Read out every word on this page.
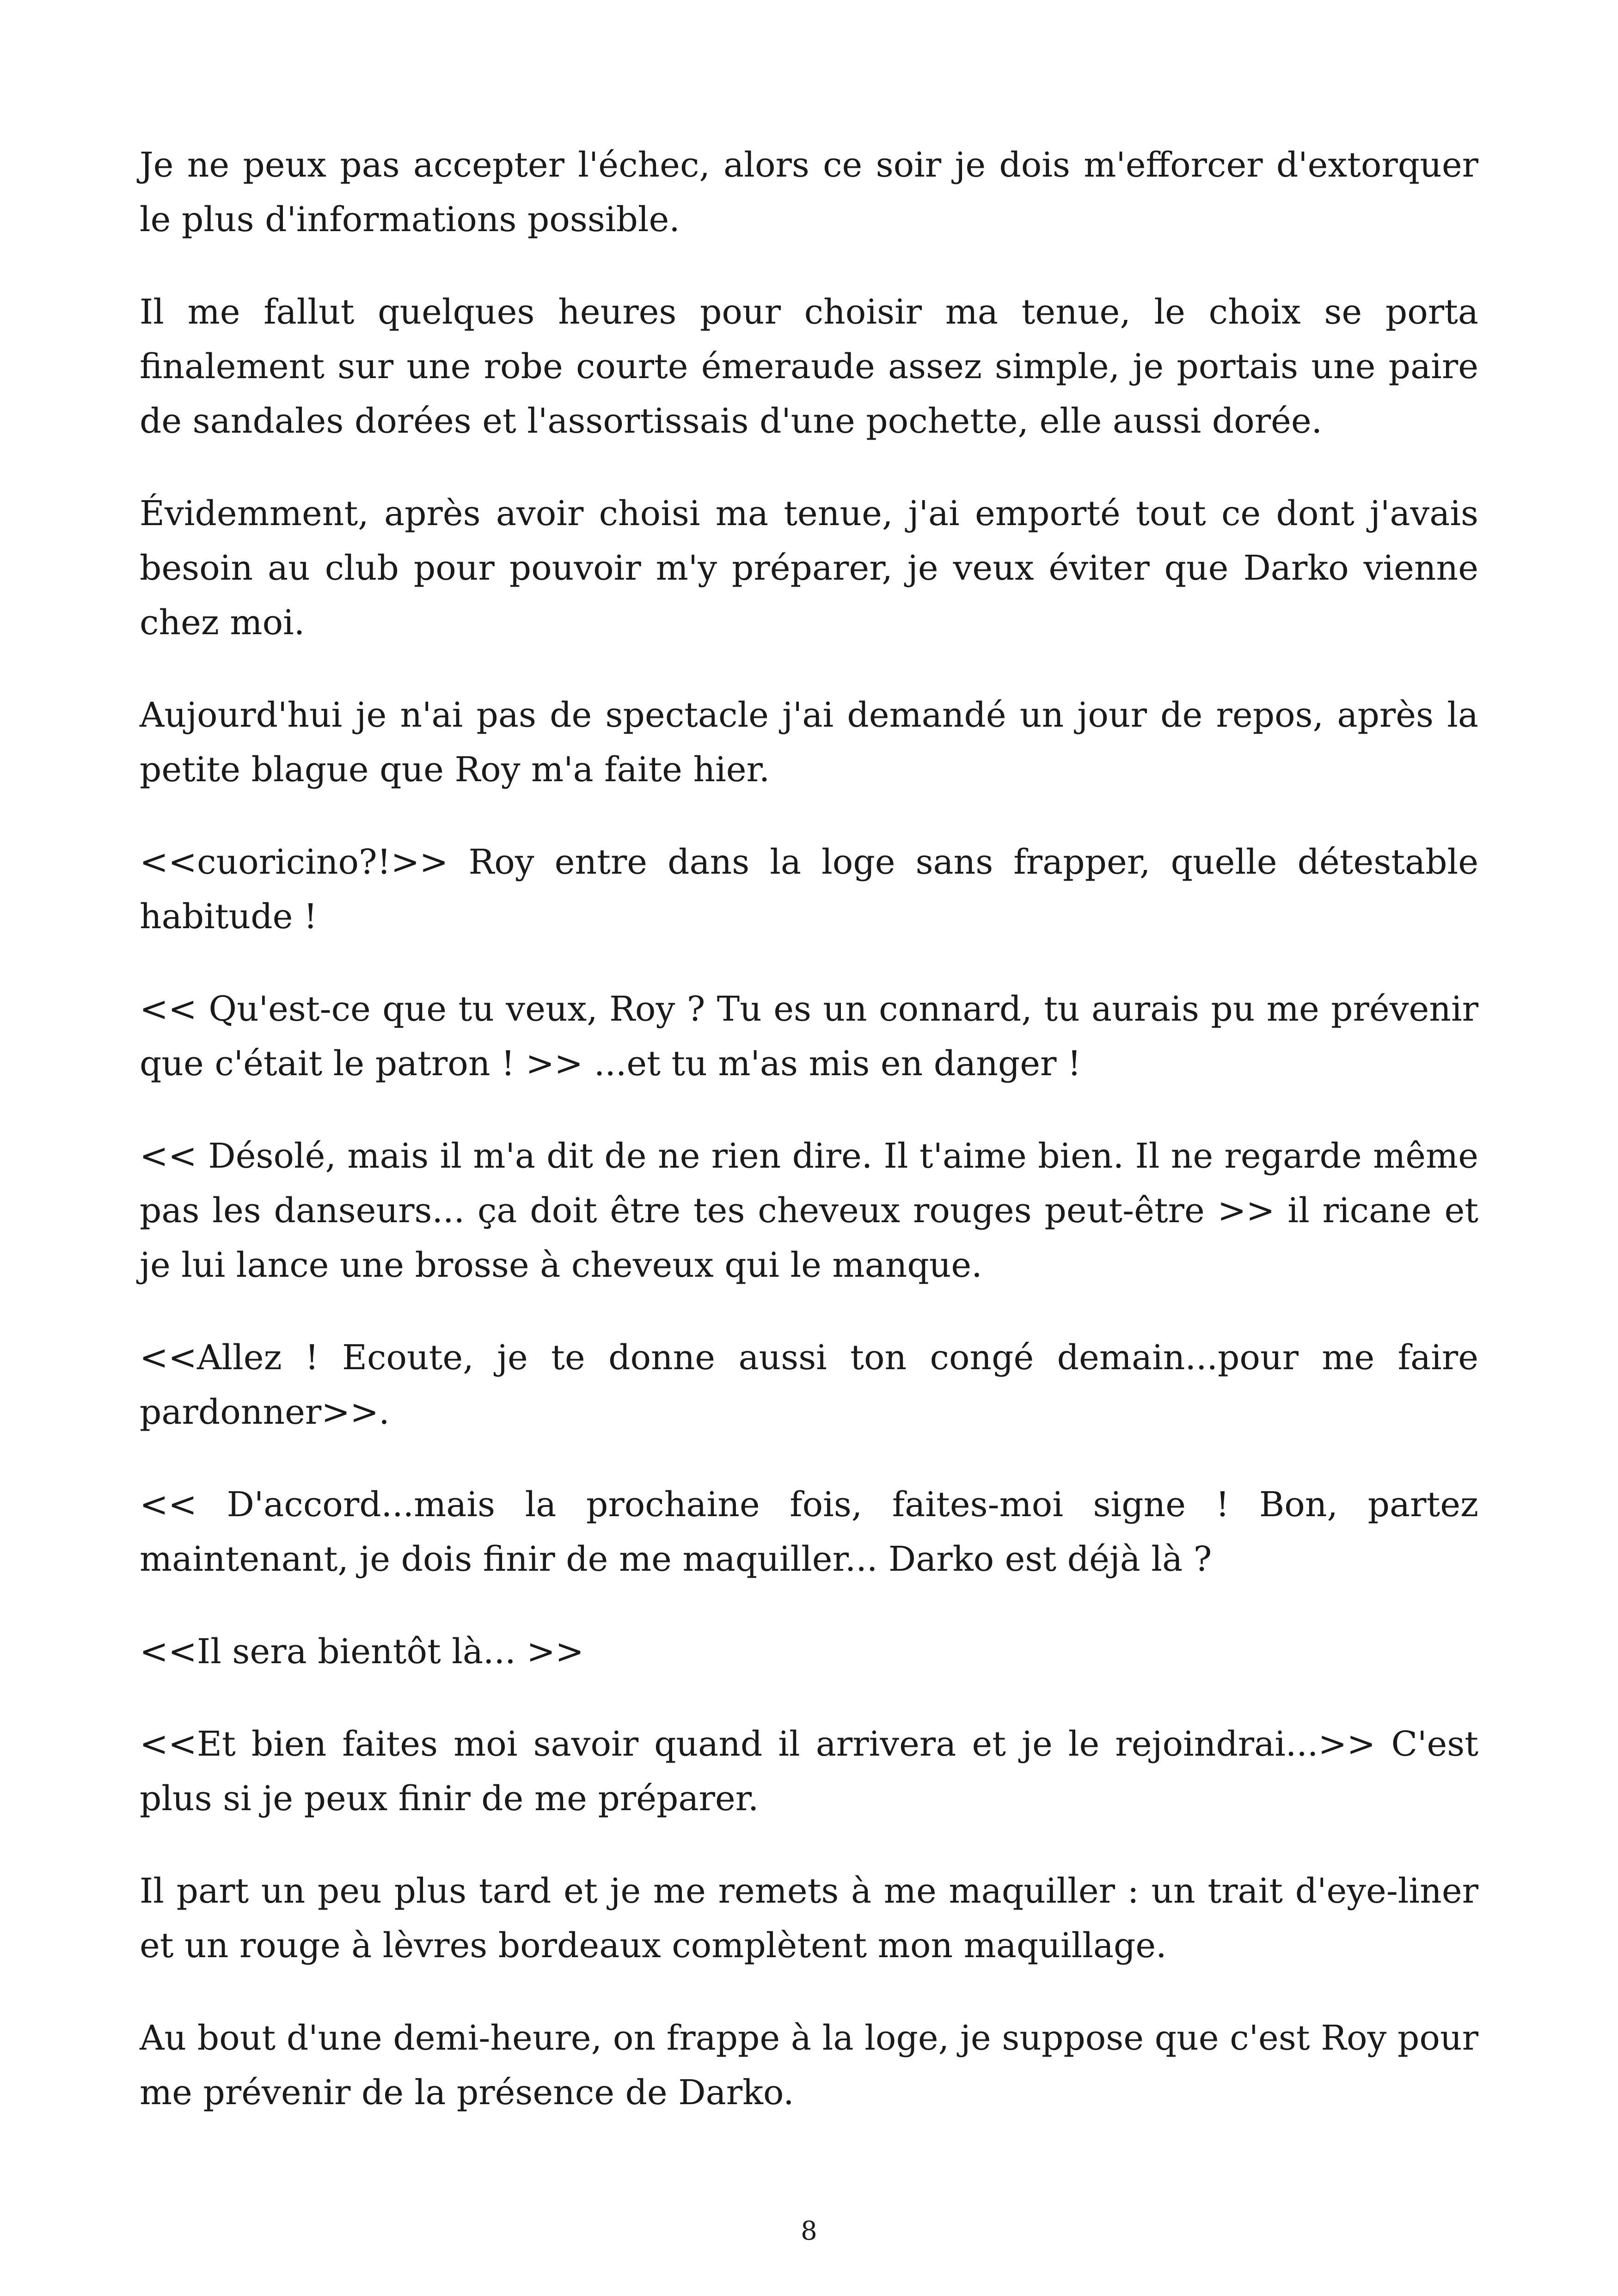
Je ne peux pas accepter l'échec, alors ce soir je dois m'efforcer d'extorquer le plus d'informations possible.

Il me fallut quelques heures pour choisir ma tenue, le choix se porta finalement sur une robe courte émeraude assez simple, je portais une paire de sandales dorées et l'assortissais d'une pochette, elle aussi dorée.

Évidemment, après avoir choisi ma tenue, j'ai emporté tout ce dont j'avais besoin au club pour pouvoir m'y préparer, je veux éviter que Darko vienne chez moi.

Aujourd'hui je n'ai pas de spectacle j'ai demandé un jour de repos, après la petite blague que Roy m'a faite hier.

<<cuoricino?!>> Roy entre dans la loge sans frapper, quelle détestable habitude !

<< Qu'est-ce que tu veux, Roy ? Tu es un connard, tu aurais pu me prévenir que c'était le patron ! >> ...et tu m'as mis en danger !

<< Désolé, mais il m'a dit de ne rien dire. Il t'aime bien. Il ne regarde même pas les danseurs... ça doit être tes cheveux rouges peut-être >> il ricane et je lui lance une brosse à cheveux qui le manque.

<<Allez ! Ecoute, je te donne aussi ton congé demain...pour me faire pardonner>>.

<< D'accord...mais la prochaine fois, faites-moi signe ! Bon, partez maintenant, je dois finir de me maquiller... Darko est déjà là ?

<<Il sera bientôt là... >>

<<Et bien faites moi savoir quand il arrivera et je le rejoindrai...>> C'est plus si je peux finir de me préparer.

Il part un peu plus tard et je me remets à me maquiller : un trait d'eye-liner et un rouge à lèvres bordeaux complètent mon maquillage.

Au bout d'une demi-heure, on frappe à la loge, je suppose que c'est Roy pour me prévenir de la présence de Darko.

8
